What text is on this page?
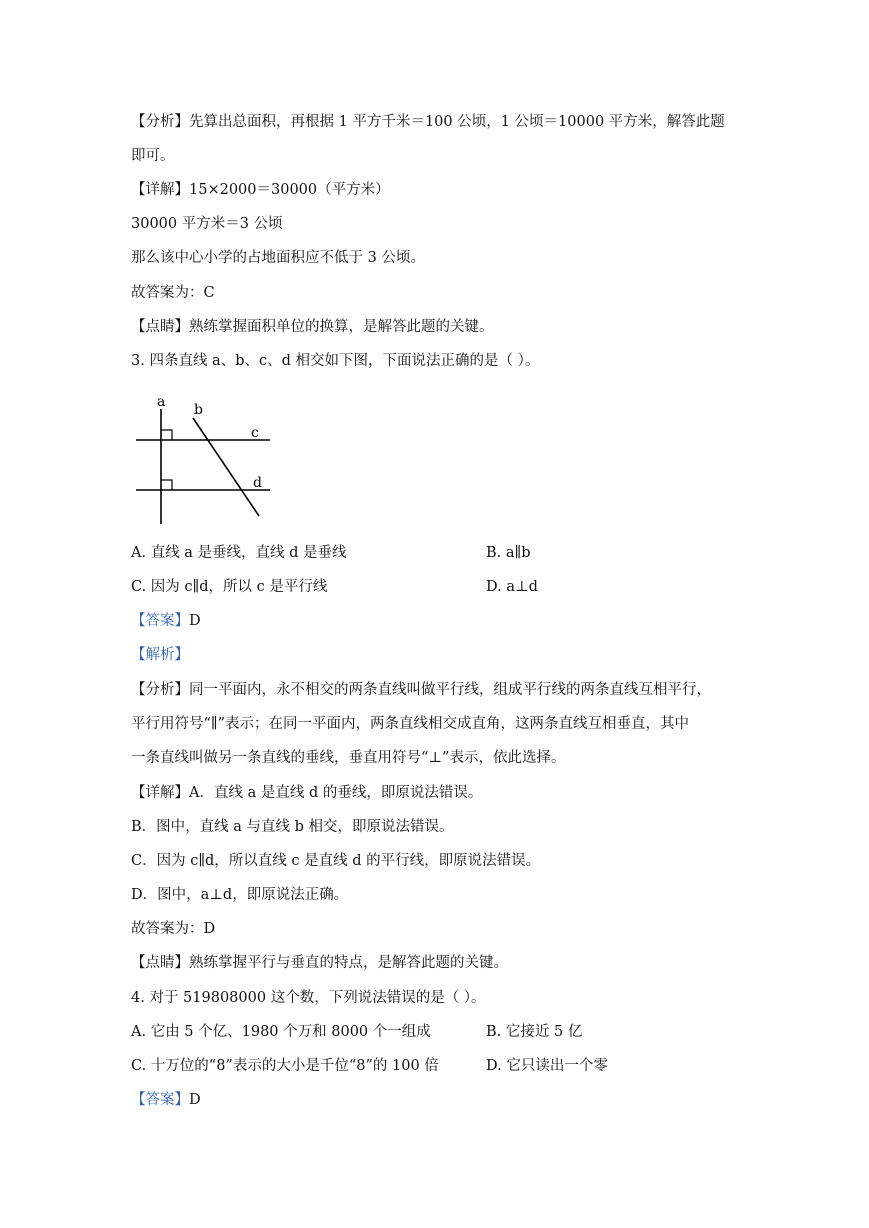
【分析】先算出总面积，再根据 1 平方千米＝100 公顷，1 公顷＝10000 平方米，解答此题
即可。
【详解】15×2000＝30000（平方米）
30000 平方米＝3 公顷
那么该中心小学的占地面积应不低于 3 公顷。
故答案为：C
【点睛】熟练掌握面积单位的换算，是解答此题的关键。
3. 四条直线 a、b、c、d 相交如下图，下面说法正确的是（ ）。
a b
c
d
A. 直线 a 是垂线，直线 d 是垂线	B. a∥b
C. 因为 c∥d，所以 c 是平行线	D. a⊥d
【答案】D
【解析】
【分析】同一平面内，永不相交的两条直线叫做平行线，组成平行线的两条直线互相平行，
平行用符号“∥”表示；在同一平面内，两条直线相交成直角，这两条直线互相垂直，其中
一条直线叫做另一条直线的垂线，垂直用符号“⊥”表示，依此选择。
【详解】A．直线 a 是直线 d 的垂线，即原说法错误。
B．图中，直线 a 与直线 b 相交，即原说法错误。
C．因为 c∥d，所以直线 c 是直线 d 的平行线，即原说法错误。
D．图中，a⊥d，即原说法正确。
故答案为：D
【点睛】熟练掌握平行与垂直的特点，是解答此题的关键。
4. 对于 519808000 这个数，下列说法错误的是（ ）。
A. 它由 5 个亿、1980 个万和 8000 个一组成	B. 它接近 5 亿
C. 十万位的“8”表示的大小是千位“8”的 100 倍	D. 它只读出一个零
【答案】D
